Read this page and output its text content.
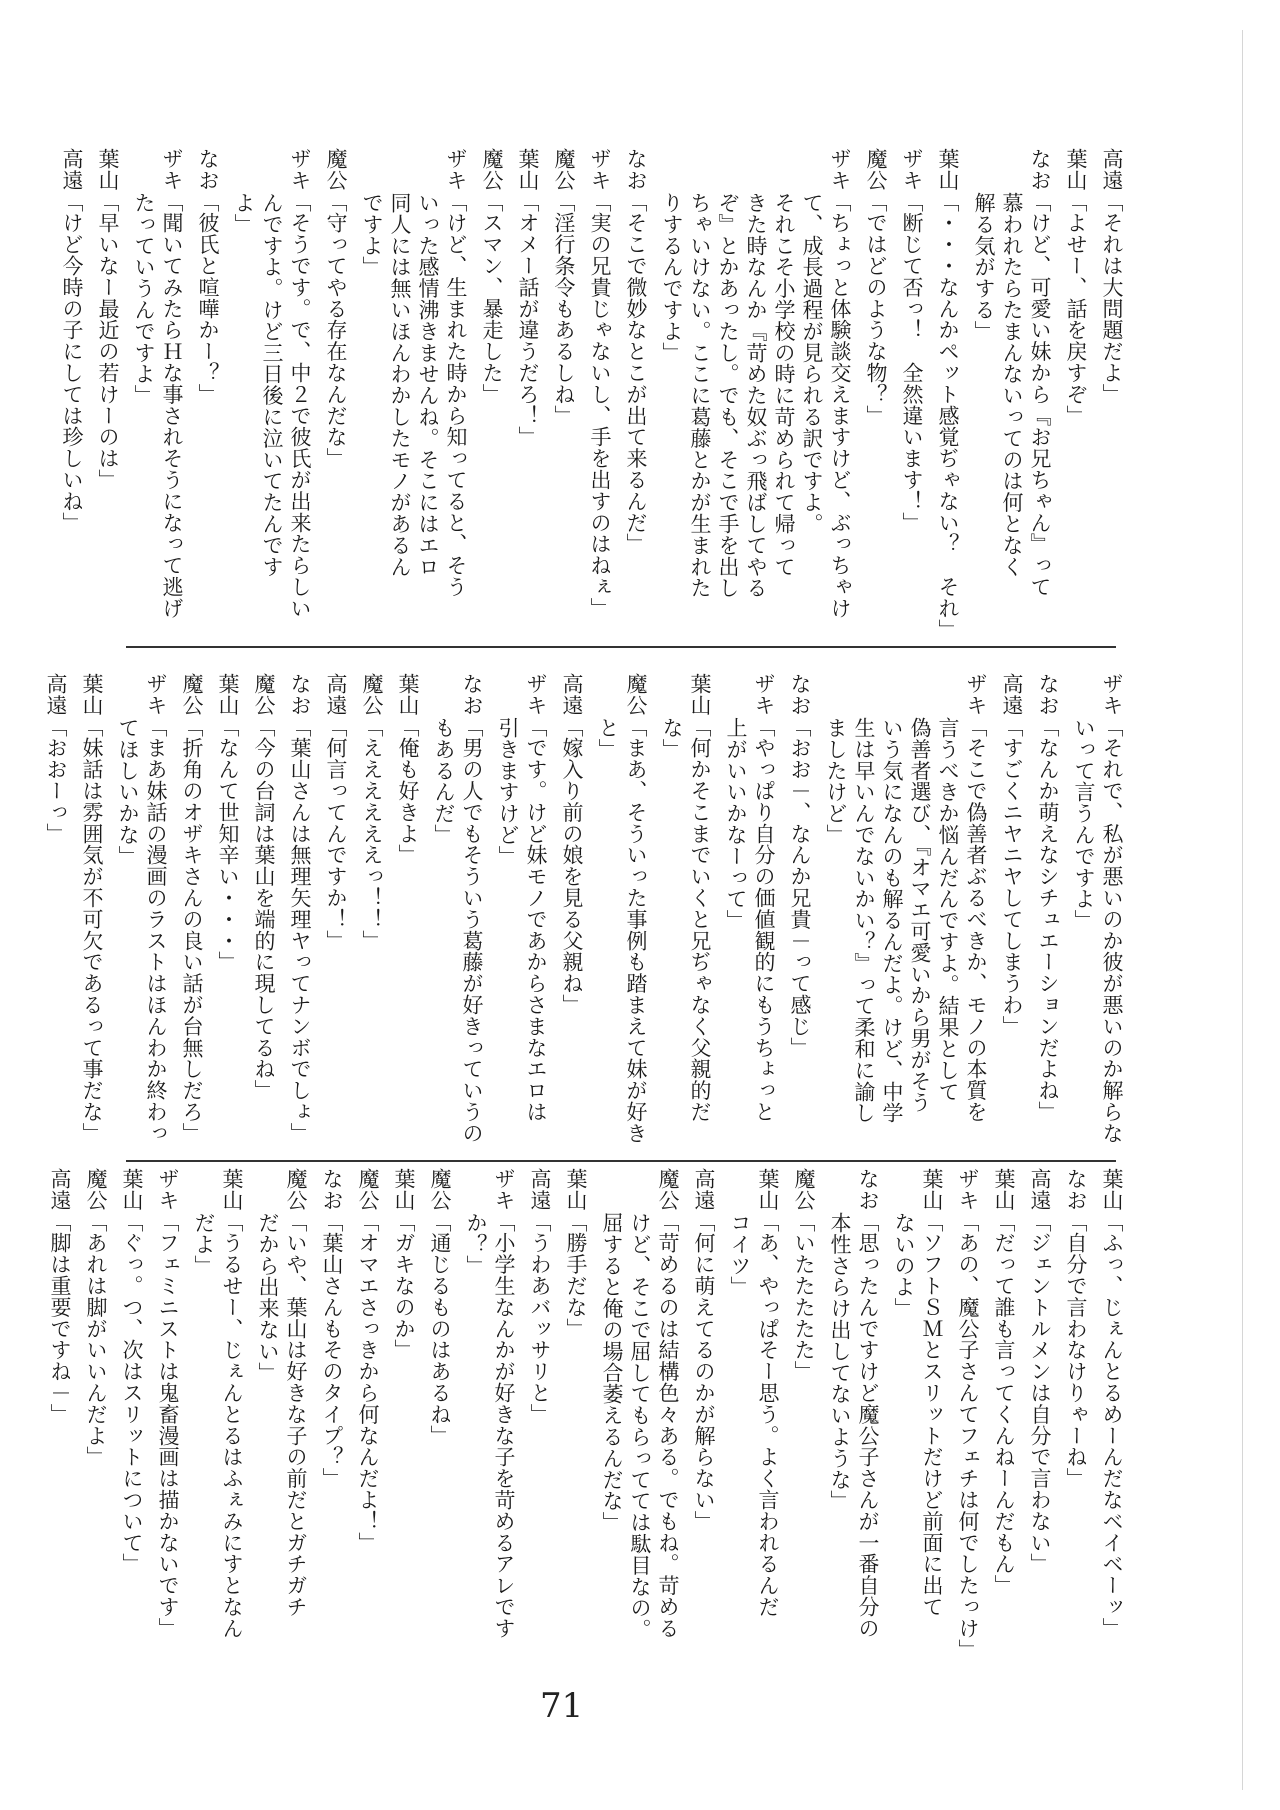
高遠「それは大問題だよ」
葉山「よせー、話を戻すぞ」
なお「けど、可愛い妹から『お兄ちゃん』って
慕われたらたまんないってのは何となく
解る気がする」
葉山「・・・なんかペット感覚ぢゃない？　それ」
ザキ「断じて否っ！　全然違います！」
魔公「ではどのような物？」
ザキ「ちょっと体験談交えますけど、ぶっちゃけ
て、成長過程が見られる訳ですよ。
それこそ小学校の時に苛められて帰って
きた時なんか『苛めた奴ぶっ飛ばしてやる
ぞ』とかあったし。でも、そこで手を出し
ちゃいけない。ここに葛藤とかが生まれた
りするんですよ」
なお「そこで微妙なとこが出て来るんだ」
ザキ「実の兄貴じゃないし、手を出すのはねぇ」
魔公「淫行条令もあるしね」
葉山「オメー話が違うだろ！」
魔公「スマン、暴走した」
ザキ「けど、生まれた時から知ってると、そう
いった感情沸きませんね。そこにはエロ
同人には無いほんわかしたモノがあるん
ですよ」
魔公「守ってやる存在なんだな」
ザキ「そうです。で、中２で彼氏が出来たらしい
んですよ。けど三日後に泣いてたんです
よ」
なお「彼氏と喧嘩かー？」
ザキ「聞いてみたらＨな事されそうになって逃げ
たっていうんですよ」
葉山「早いなー最近の若けーのは」
高遠「けど今時の子にしては珍しいね」
ザキ「それで、私が悪いのか彼が悪いのか解らな
いって言うんですよ」
なお「なんか萌えなシチュエーションだよね」
高遠「すごくニヤニヤしてしまうわ」
ザキ「そこで偽善者ぶるべきか、モノの本質を
言うべきか悩んだんですよ。結果として
偽善者選び、『オマエ可愛いから男がそう
いう気になんのも解るんだよ。けど、中学
生は早いんでないかい？』って柔和に諭し
ましたけど」
なお「おお－、なんか兄貴－って感じ」
ザキ「やっぱり自分の価値観的にもうちょっと
上がいいかなーって」
葉山「何かそこまでいくと兄ぢゃなく父親的だ
な」
魔公「まあ、そういった事例も踏まえて妹が好き
と」
高遠「嫁入り前の娘を見る父親ね」
ザキ「です。けど妹モノであからさまなエロは
引きますけど」
なお「男の人でもそういう葛藤が好きっていうの
もあるんだ」
葉山「俺も好きよ」
魔公「ええええええっ！！」
高遠「何言ってんですか！」
なお「葉山さんは無理矢理ヤってナンボでしょ」
魔公「今の台詞は葉山を端的に現してるね」
葉山「なんて世知辛い・・・」
魔公「折角のオザキさんの良い話が台無しだろ」
ザキ「まあ妹話の漫画のラストはほんわか終わっ
てほしいかな」
葉山「妹話は雰囲気が不可欠であるって事だな」
高遠「おおーっ」
葉山「ふっ、じぇんとるめーんだなベイベーッ」
なお「自分で言わなけりゃーね」
高遠「ジェントルメンは自分で言わない」
葉山「だって誰も言ってくんねーんだもん」
ザキ「あの、魔公子さんてフェチは何でしたっけ」
葉山「ソフトＳＭとスリットだけど前面に出て
ないのよ」
なお「思ったんですけど魔公子さんが一番自分の
本性さらけ出してないような」
魔公「いたたたたた」
葉山「あ、やっぱそー思う。よく言われるんだ
コイツ」
高遠「何に萌えてるのかが解らない」
魔公「苛めるのは結構色々ある。でもね。苛める
けど、そこで屈してもらってては駄目なの。
屈すると俺の場合萎えるんだな」
葉山「勝手だな」
高遠「うわあバッサリと」
ザキ「小学生なんかが好きな子を苛めるアレです
か？」
魔公「通じるものはあるね」
葉山「ガキなのか」
魔公「オマエさっきから何なんだよ！」
なお「葉山さんもそのタイプ？」
魔公「いや、葉山は好きな子の前だとガチガチ
だから出来ない」
葉山「うるせー、じぇんとるはふぇみにすとなん
だよ」
ザキ「フェミニストは鬼畜漫画は描かないです」
葉山「ぐっ。つ、次はスリットについて」
魔公「あれは脚がいいんだよ」
高遠「脚は重要ですね－」
71
